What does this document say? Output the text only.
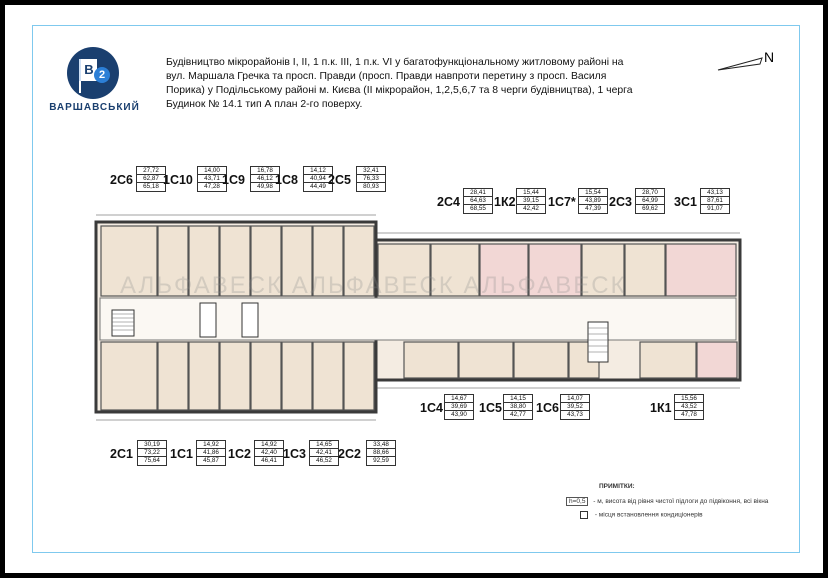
B 2
ВАРШАВСЬКИЙ
Будівництво мікрорайонів І, ІІ, 1 п.к. ІІІ, 1 п.к. VІ у багатофункціональному житловому районі на
вул. Маршала Гречка та просп. Правди (просп. Правди навпроти перетину з просп. Василя
Порика) у Подільському районі м. Києва (ІІ мікрорайон, 1,2,5,6,7 та 8 черги будівництва), 1 черга
Будинок № 14.1 тип А план 2-го поверху.
N
АЛЬФАВЕСК АЛЬФАВЕСК АЛЬФАВЕСК
2С6
27,72
62,87
65,18 1С10
14,00
43,71
47,28 1С9
16,78
46,12
49,98 1С8
14,12
40,94
44,49 2С5
32,41
76,33
80,93
2С4
28,41
64,63
68,55 1К2
15,44
39,15
42,42 1С7*
15,54
43,89
47,39 2С3
28,70
64,99
69,62	3С1
43,13
87,61
91,07
1С4
14,67
39,69
43,90 1С5
14,15
38,80
42,77 1С6
14,07
39,52
43,73	1К1
15,56
43,52
47,78
2С1
30,19
73,22
75,64 1С1
14,92
41,86
45,87 1С2
14,92
42,40
46,41 1С3
14,65
42,41
46,52 2С2
33,48
88,66
92,59
ПРИМІТКИ:
h=0,5 - м, висота від рівня чистої підлоги до підвіконня, всі вікна
- місця встановлення кондиціонерів
